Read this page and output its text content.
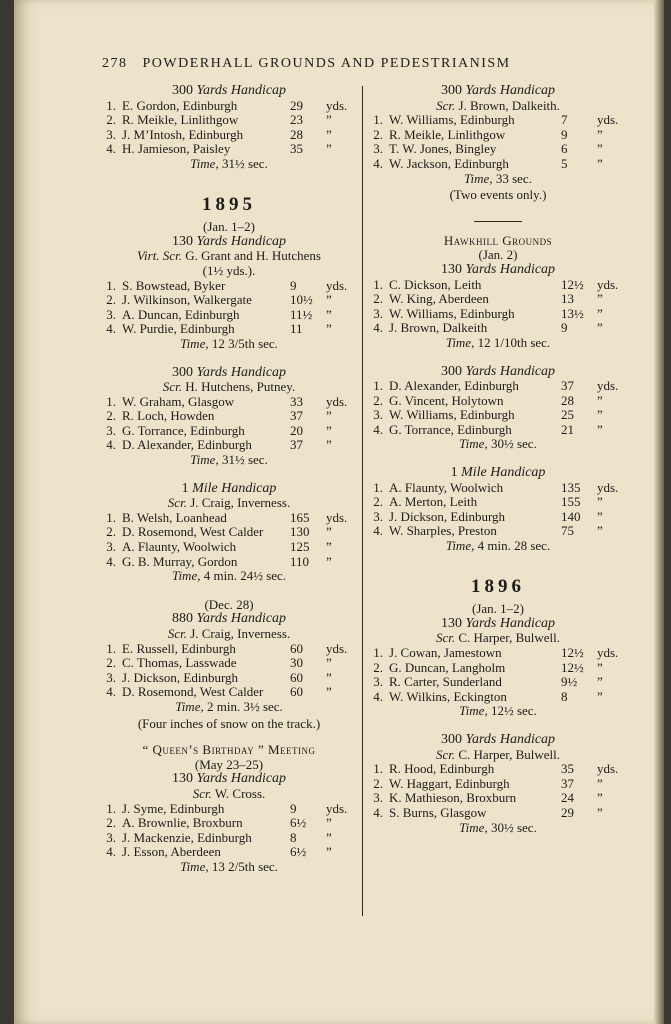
278 POWDERHALL GROUNDS AND PEDESTRIANISM
300 Yards Handicap
1. E. Gordon, Edinburgh	29	yds.
2. R. Meikle, Linlithgow	23	”
3. J. M’Intosh, Edinburgh	28	”
4. H. Jamieson, Paisley	35	”
Time, 31½ sec.
1895
(Jan. 1–2)
130 Yards Handicap
Virt. Scr. G. Grant and H. Hutchens
(1½ yds.).
1. S. Bowstead, Byker	9	yds.
2. J. Wilkinson, Walkergate	10½	”
3. A. Duncan, Edinburgh	11½	”
4. W. Purdie, Edinburgh	11	”
Time, 12 3/5th sec.
300 Yards Handicap
Scr. H. Hutchens, Putney.
1. W. Graham, Glasgow	33	yds.
2. R. Loch, Howden	37	”
3. G. Torrance, Edinburgh	20	”
4. D. Alexander, Edinburgh	37	”
Time, 31½ sec.
1 Mile Handicap
Scr. J. Craig, Inverness.
1. B. Welsh, Loanhead	165	yds.
2. D. Rosemond, West Calder	130	”
3. A. Flaunty, Woolwich	125	”
4. G. B. Murray, Gordon	110	”
Time, 4 min. 24½ sec.
(Dec. 28)
880 Yards Handicap
Scr. J. Craig, Inverness.
1. E. Russell, Edinburgh	60	yds.
2. C. Thomas, Lasswade	30	”
3. J. Dickson, Edinburgh	60	”
4. D. Rosemond, West Calder	60	”
Time, 2 min. 3½ sec.
(Four inches of snow on the track.)
“ Queen’s Birthday ” Meeting
(May 23–25)
130 Yards Handicap
Scr. W. Cross.
1. J. Syme, Edinburgh	9	yds.
2. A. Brownlie, Broxburn	6½	”
3. J. Mackenzie, Edinburgh	8	”
4. J. Esson, Aberdeen	6½	”
Time, 13 2/5th sec.
300 Yards Handicap
Scr. J. Brown, Dalkeith.
1. W. Williams, Edinburgh	7	yds.
2. R. Meikle, Linlithgow	9	”
3. T. W. Jones, Bingley	6	”
4. W. Jackson, Edinburgh	5	”
Time, 33 sec.
(Two events only.)
Hawkhill Grounds
(Jan. 2)
130 Yards Handicap
1. C. Dickson, Leith	12½	yds.
2. W. King, Aberdeen	13	”
3. W. Williams, Edinburgh	13½	”
4. J. Brown, Dalkeith	9	”
Time, 12 1/10th sec.
300 Yards Handicap
1. D. Alexander, Edinburgh	37	yds.
2. G. Vincent, Holytown	28	”
3. W. Williams, Edinburgh	25	”
4. G. Torrance, Edinburgh	21	”
Time, 30½ sec.
1 Mile Handicap
1. A. Flaunty, Woolwich	135	yds.
2. A. Merton, Leith	155	”
3. J. Dickson, Edinburgh	140	”
4. W. Sharples, Preston	75	”
Time, 4 min. 28 sec.
1896
(Jan. 1–2)
130 Yards Handicap
Scr. C. Harper, Bulwell.
1. J. Cowan, Jamestown	12½	yds.
2. G. Duncan, Langholm	12½	”
3. R. Carter, Sunderland	9½	”
4. W. Wilkins, Eckington	8	”
Time, 12½ sec.
300 Yards Handicap
Scr. C. Harper, Bulwell.
1. R. Hood, Edinburgh	35	yds.
2. W. Haggart, Edinburgh	37	”
3. K. Mathieson, Broxburn	24	”
4. S. Burns, Glasgow	29	”
Time, 30½ sec.
